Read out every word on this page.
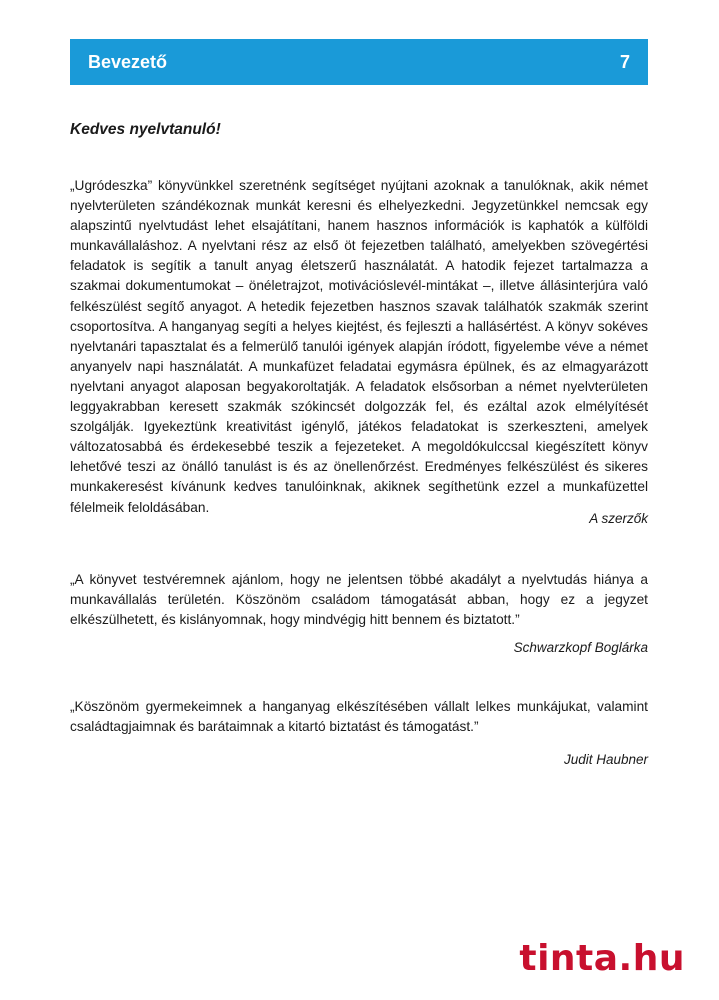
Bevezető	7
Kedves nyelvtanuló!

„Ugródeszka” könyvünkkel szeretnénk segítséget nyújtani azoknak a tanulóknak, akik német nyelvterületen szándékoznak munkát keresni és elhelyezkedni. Jegyzetünkkel nemcsak egy alapszintű nyelvtudást lehet elsajátítani, hanem hasznos információk is kaphatók a külföldi munkavállaláshoz. A nyelvtani rész az első öt fejezetben található, amelyekben szövegértési feladatok is segítik a tanult anyag életszerű használatát. A hatodik fejezet tartalmazza a szakmai dokumentumokat – önéletrajzot, motivációslevél-mintákat –, illetve állásinterjúra való felkészülést segítő anyagot. A hetedik fejezetben hasznos szavak találhatók szakmák szerint csoportosítva. A hanganyag segíti a helyes kiejtést, és fejleszti a hallásértést. A könyv sokéves nyelvtanári tapasztalat és a felmerülő tanulói igények alapján íródott, figyelembe véve a német anyanyelv napi használatát. A munkafüzet feladatai egymásra épülnek, és az elmagyarázott nyelvtani anyagot alaposan begyakoroltatják. A feladatok elsősorban a német nyelvterületen leggyakrabban keresett szakmák szókincsét dolgozzák fel, és ezáltal azok elmélyítését szolgálják. Igyekeztünk kreativitást igénylő, játékos feladatokat is szerkeszteni, amelyek változatosabbá és érdekesebbé teszik a fejezeteket. A megoldókulccsal kiegészített könyv lehetővé teszi az önálló tanulást is és az önellenőrzést. Eredményes felkészülést és sikeres munkakeresést kívánunk kedves tanulóinknak, akiknek segíthetünk ezzel a munkafüzettel félelmeik feloldásában.

A szerzők

„A könyvet testvéremnek ajánlom, hogy ne jelentsen többé akadályt a nyelvtudás hiánya a munkavállalás területén. Köszönöm családom támogatását abban, hogy ez a jegyzet elkészülhetett, és kislányomnak, hogy mindvégig hitt bennem és biztatott.”

Schwarzkopf Boglárka

„Köszönöm gyermekeimnek a hanganyag elkészítésében vállalt lelkes munkájukat, valamint családtagjaimnak és barátaimnak a kitartó biztatást és támogatást.”

Judit Haubner
tinta.hu
